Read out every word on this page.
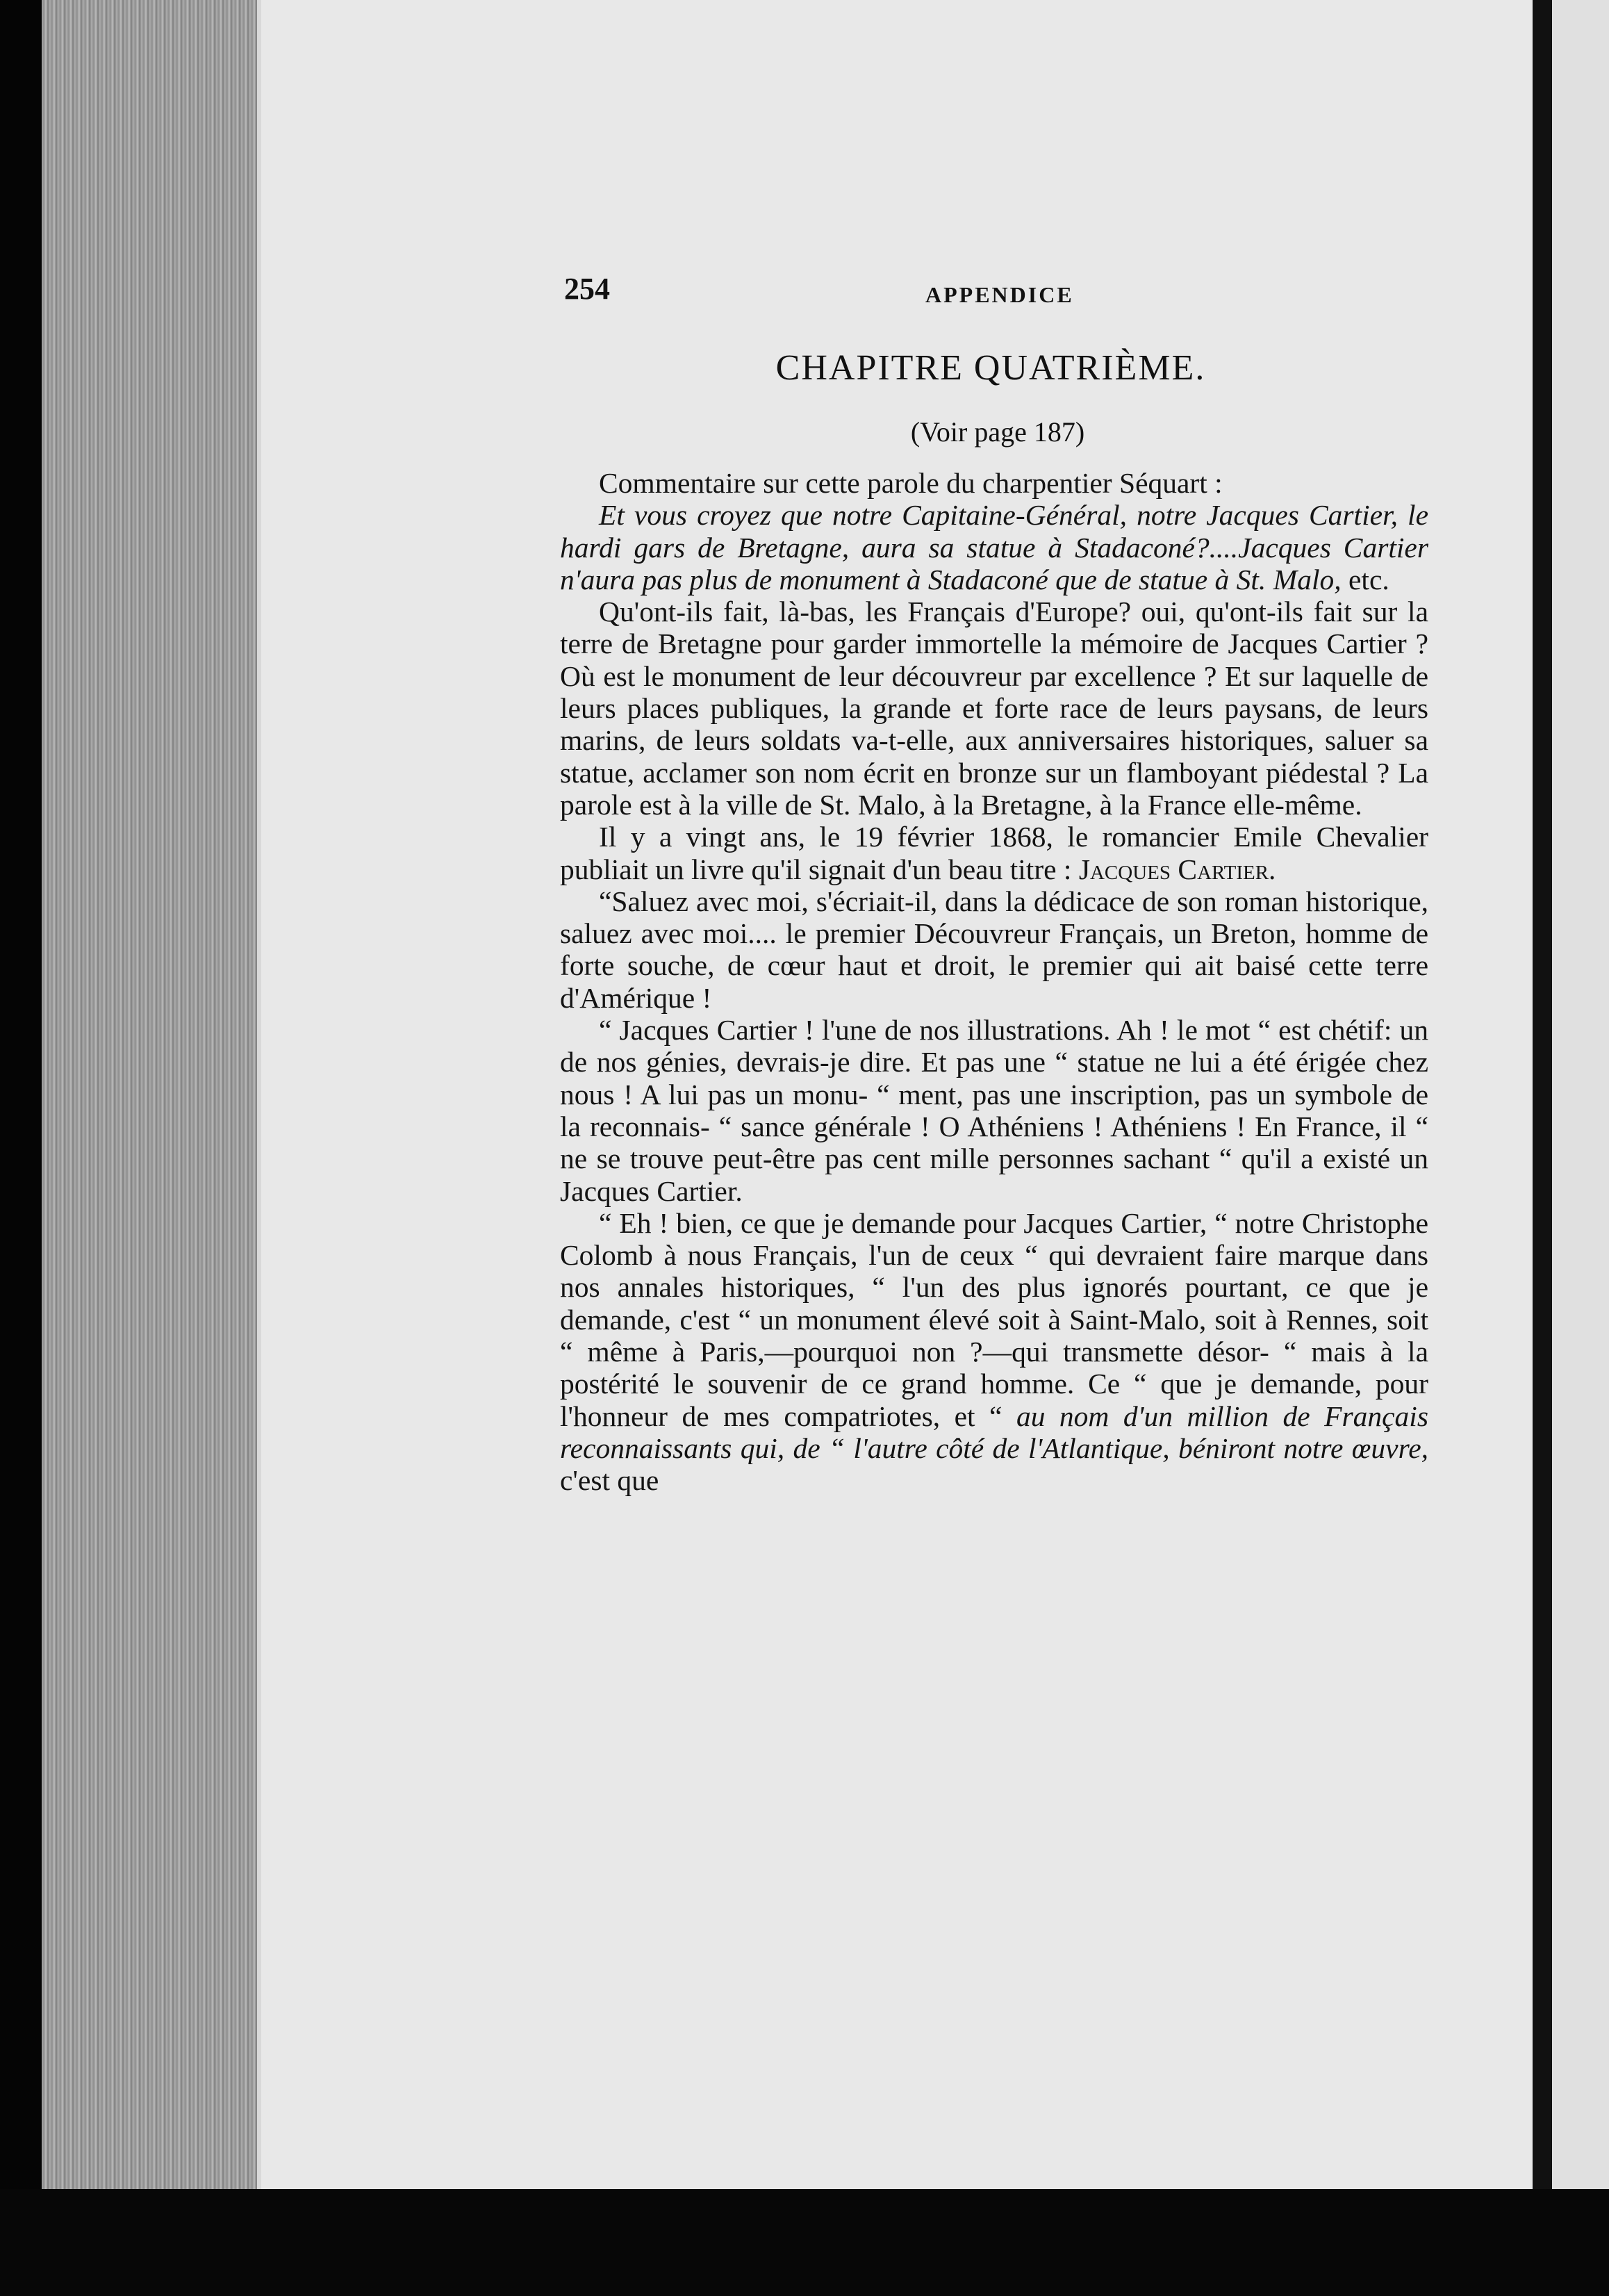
254	APPENDICE
CHAPITRE QUATRIÈME.
(Voir page 187)

Commentaire sur cette parole du charpentier Séquart :

Et vous croyez que notre Capitaine-Général, notre Jacques Cartier, le hardi gars de Bretagne, aura sa statue à Stadaconé?....Jacques Cartier n'aura pas plus de monument à Stadaconé que de statue à St. Malo, etc.

Qu'ont-ils fait, là-bas, les Français d'Europe? oui, qu'ont-ils fait sur la terre de Bretagne pour garder immortelle la mémoire de Jacques Cartier ? Où est le monument de leur découvreur par excellence ? Et sur laquelle de leurs places publiques, la grande et forte race de leurs paysans, de leurs marins, de leurs soldats va-t-elle, aux anniversaires historiques, saluer sa statue, acclamer son nom écrit en bronze sur un flamboyant piédestal ? La parole est à la ville de St. Malo, à la Bretagne, à la France elle-même.

Il y a vingt ans, le 19 février 1868, le romancier Emile Chevalier publiait un livre qu'il signait d'un beau titre : Jacques Cartier.

“Saluez avec moi, s'écriait-il, dans la dédicace de son roman historique, saluez avec moi.... le premier Découvreur Français, un Breton, homme de forte souche, de cœur haut et droit, le premier qui ait baisé cette terre d'Amérique !

“ Jacques Cartier ! l'une de nos illustrations. Ah ! le mot “ est chétif: un de nos génies, devrais-je dire. Et pas une “ statue ne lui a été érigée chez nous ! A lui pas un monu- “ ment, pas une inscription, pas un symbole de la reconnais- “ sance générale ! O Athéniens ! Athéniens ! En France, il “ ne se trouve peut-être pas cent mille personnes sachant “ qu'il a existé un Jacques Cartier.

“ Eh ! bien, ce que je demande pour Jacques Cartier, “ notre Christophe Colomb à nous Français, l'un de ceux “ qui devraient faire marque dans nos annales historiques, “ l'un des plus ignorés pourtant, ce que je demande, c'est “ un monument élevé soit à Saint-Malo, soit à Rennes, soit “ même à Paris,—pourquoi non ?—qui transmette désor- “ mais à la postérité le souvenir de ce grand homme. Ce “ que je demande, pour l'honneur de mes compatriotes, et “ au nom d'un million de Français reconnaissants qui, de “ l'autre côté de l'Atlantique, béniront notre œuvre, c'est que
